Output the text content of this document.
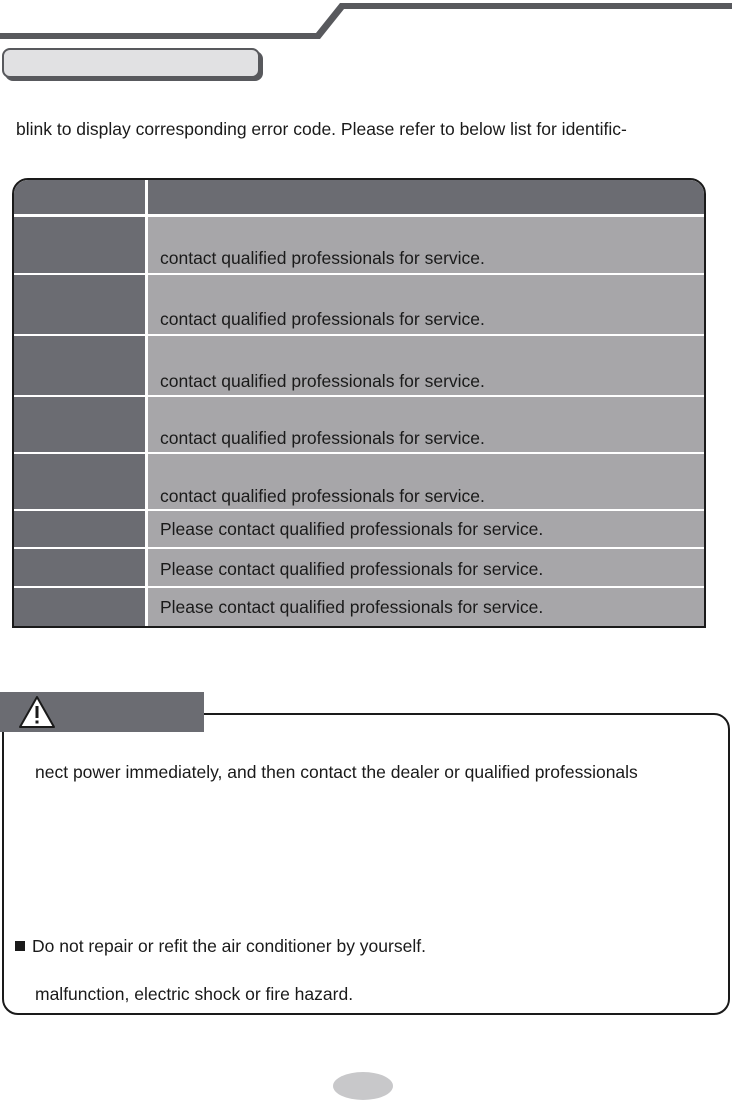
blink to display corresponding error code. Please refer to below list for identific-

contact qualified professionals for service.
contact qualified professionals for service.
contact qualified professionals for service.
contact qualified professionals for service.
contact qualified professionals for service.
Please contact qualified professionals for service.
Please contact qualified professionals for service.
Please contact qualified professionals for service.

nect power immediately, and then contact the dealer or qualified professionals

Do not repair or refit the air conditioner by yourself.

malfunction, electric shock or fire hazard.
